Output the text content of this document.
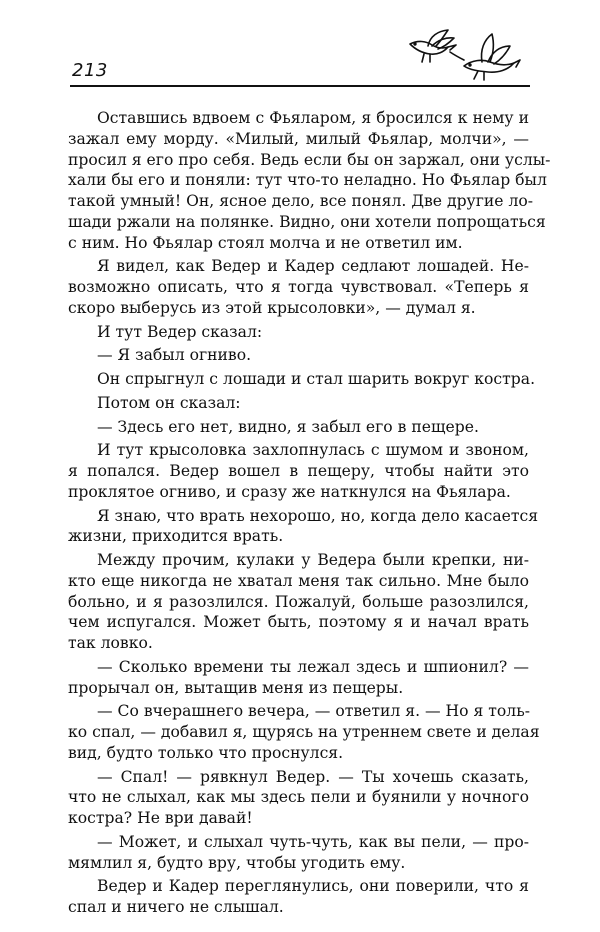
213

Оставшись вдвоем с Фьяларом, я бросился к нему и
зажал ему морду. «Милый, милый Фьялар, молчи», —
просил я его про себя. Ведь если бы он заржал, они услы-
хали бы его и поняли: тут что-то неладно. Но Фьялар был
такой умный! Он, ясное дело, все понял. Две другие ло-
шади ржали на полянке. Видно, они хотели попрощаться
с ним. Но Фьялар стоял молча и не ответил им.

Я видел, как Ведер и Кадер седлают лошадей. Не-
возможно описать, что я тогда чувствовал. «Теперь я
скоро выберусь из этой крысоловки», — думал я.

И тут Ведер сказал:

— Я забыл огниво.

Он спрыгнул с лошади и стал шарить вокруг костра.

Потом он сказал:

— Здесь его нет, видно, я забыл его в пещере.

И тут крысоловка захлопнулась с шумом и звоном,
я попался. Ведер вошел в пещеру, чтобы найти это
проклятое огниво, и сразу же наткнулся на Фьялара.

Я знаю, что врать нехорошо, но, когда дело касается
жизни, приходится врать.

Между прочим, кулаки у Ведера были крепки, ни-
кто еще никогда не хватал меня так сильно. Мне было
больно, и я разозлился. Пожалуй, больше разозлился,
чем испугался. Может быть, поэтому я и начал врать
так ловко.

— Сколько времени ты лежал здесь и шпионил? —
прорычал он, вытащив меня из пещеры.

— Со вчерашнего вечера, — ответил я. — Но я толь-
ко спал, — добавил я, щурясь на утреннем свете и делая
вид, будто только что проснулся.

— Спал! — рявкнул Ведер. — Ты хочешь сказать,
что не слыхал, как мы здесь пели и буянили у ночного
костра? Не ври давай!

— Может, и слыхал чуть-чуть, как вы пели, — про-
мямлил я, будто вру, чтобы угодить ему.

Ведер и Кадер переглянулись, они поверили, что я
спал и ничего не слышал.
